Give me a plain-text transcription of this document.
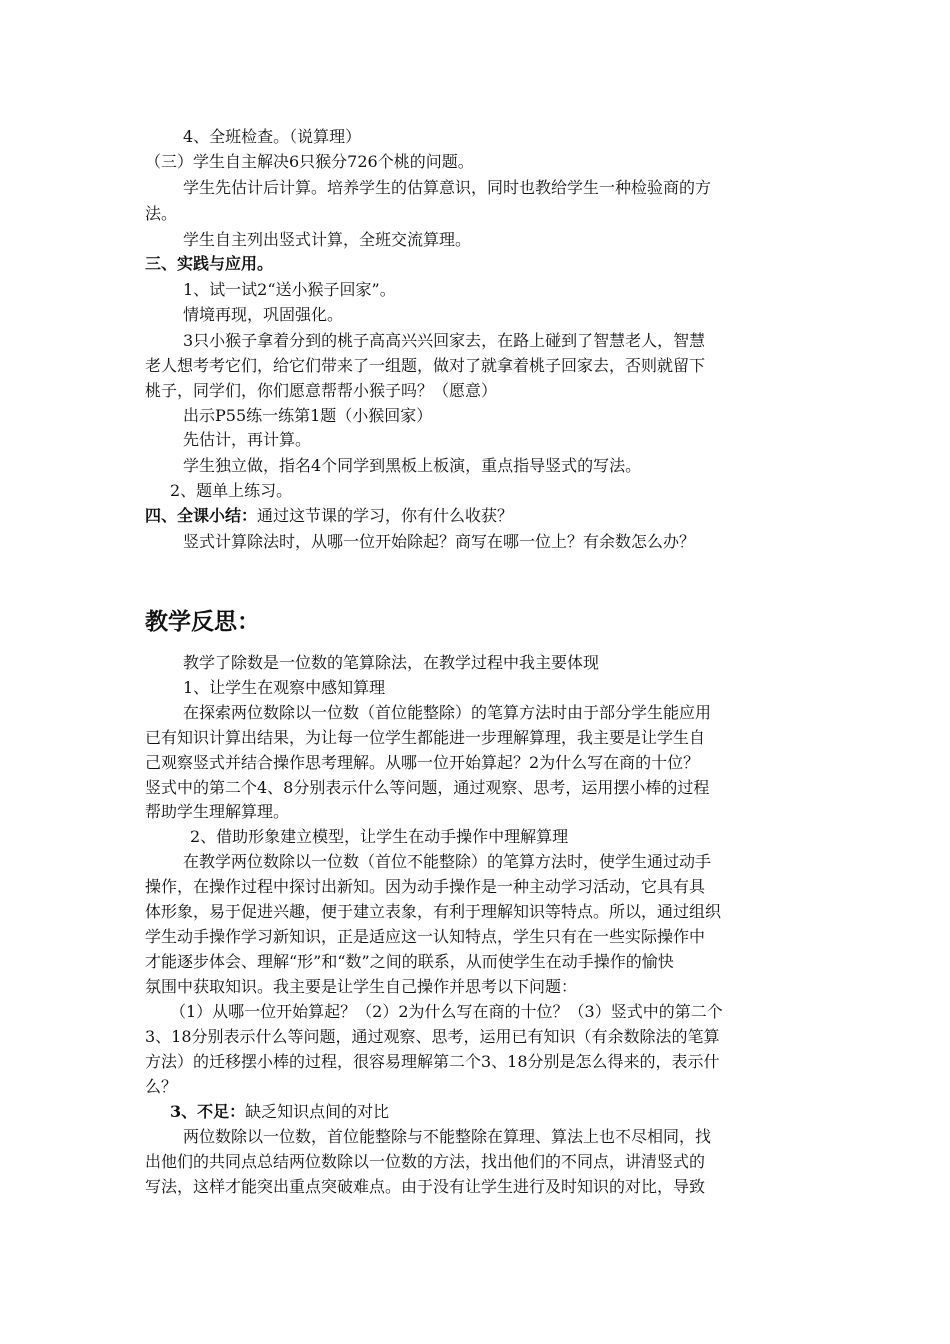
4、全班检查。（说算理）
（三）学生自主解决6只猴分726个桃的问题。
学生先估计后计算。培养学生的估算意识，同时也教给学生一种检验商的方
法。
学生自主列出竖式计算，全班交流算理。
三、实践与应用。
1、试一试2“送小猴子回家”。
情境再现，巩固强化。
3只小猴子拿着分到的桃子高高兴兴回家去，在路上碰到了智慧老人，智慧
老人想考考它们，给它们带来了一组题，做对了就拿着桃子回家去，否则就留下
桃子，同学们，你们愿意帮帮小猴子吗？（愿意）
出示P55练一练第1题（小猴回家）
先估计，再计算。
学生独立做，指名4个同学到黑板上板演，重点指导竖式的写法。
2、题单上练习。
四、全课小结：通过这节课的学习，你有什么收获？
竖式计算除法时，从哪一位开始除起？商写在哪一位上？有余数怎么办？
教学反思：
教学了除数是一位数的笔算除法，在教学过程中我主要体现
1、让学生在观察中感知算理
在探索两位数除以一位数（首位能整除）的笔算方法时由于部分学生能应用
已有知识计算出结果，为让每一位学生都能进一步理解算理，我主要是让学生自
己观察竖式并结合操作思考理解。从哪一位开始算起？2为什么写在商的十位？
竖式中的第二个4、8分别表示什么等问题，通过观察、思考，运用摆小棒的过程
帮助学生理解算理。
2、借助形象建立模型，让学生在动手操作中理解算理
在教学两位数除以一位数（首位不能整除）的笔算方法时，使学生通过动手
操作，在操作过程中探讨出新知。因为动手操作是一种主动学习活动，它具有具
体形象，易于促进兴趣，便于建立表象，有利于理解知识等特点。所以，通过组织
学生动手操作学习新知识，正是适应这一认知特点，学生只有在一些实际操作中
才能逐步体会、理解“形”和“数”之间的联系，从而使学生在动手操作的愉快
氛围中获取知识。我主要是让学生自己操作并思考以下问题：
（1）从哪一位开始算起？（2）2为什么写在商的十位？（3）竖式中的第二个
3、18分别表示什么等问题，通过观察、思考，运用已有知识（有余数除法的笔算
方法）的迁移摆小棒的过程，很容易理解第二个3、18分别是怎么得来的，表示什
么？
3、不足：缺乏知识点间的对比
两位数除以一位数，首位能整除与不能整除在算理、算法上也不尽相同，找
出他们的共同点总结两位数除以一位数的方法，找出他们的不同点，讲清竖式的
写法，这样才能突出重点突破难点。由于没有让学生进行及时知识的对比，导致
